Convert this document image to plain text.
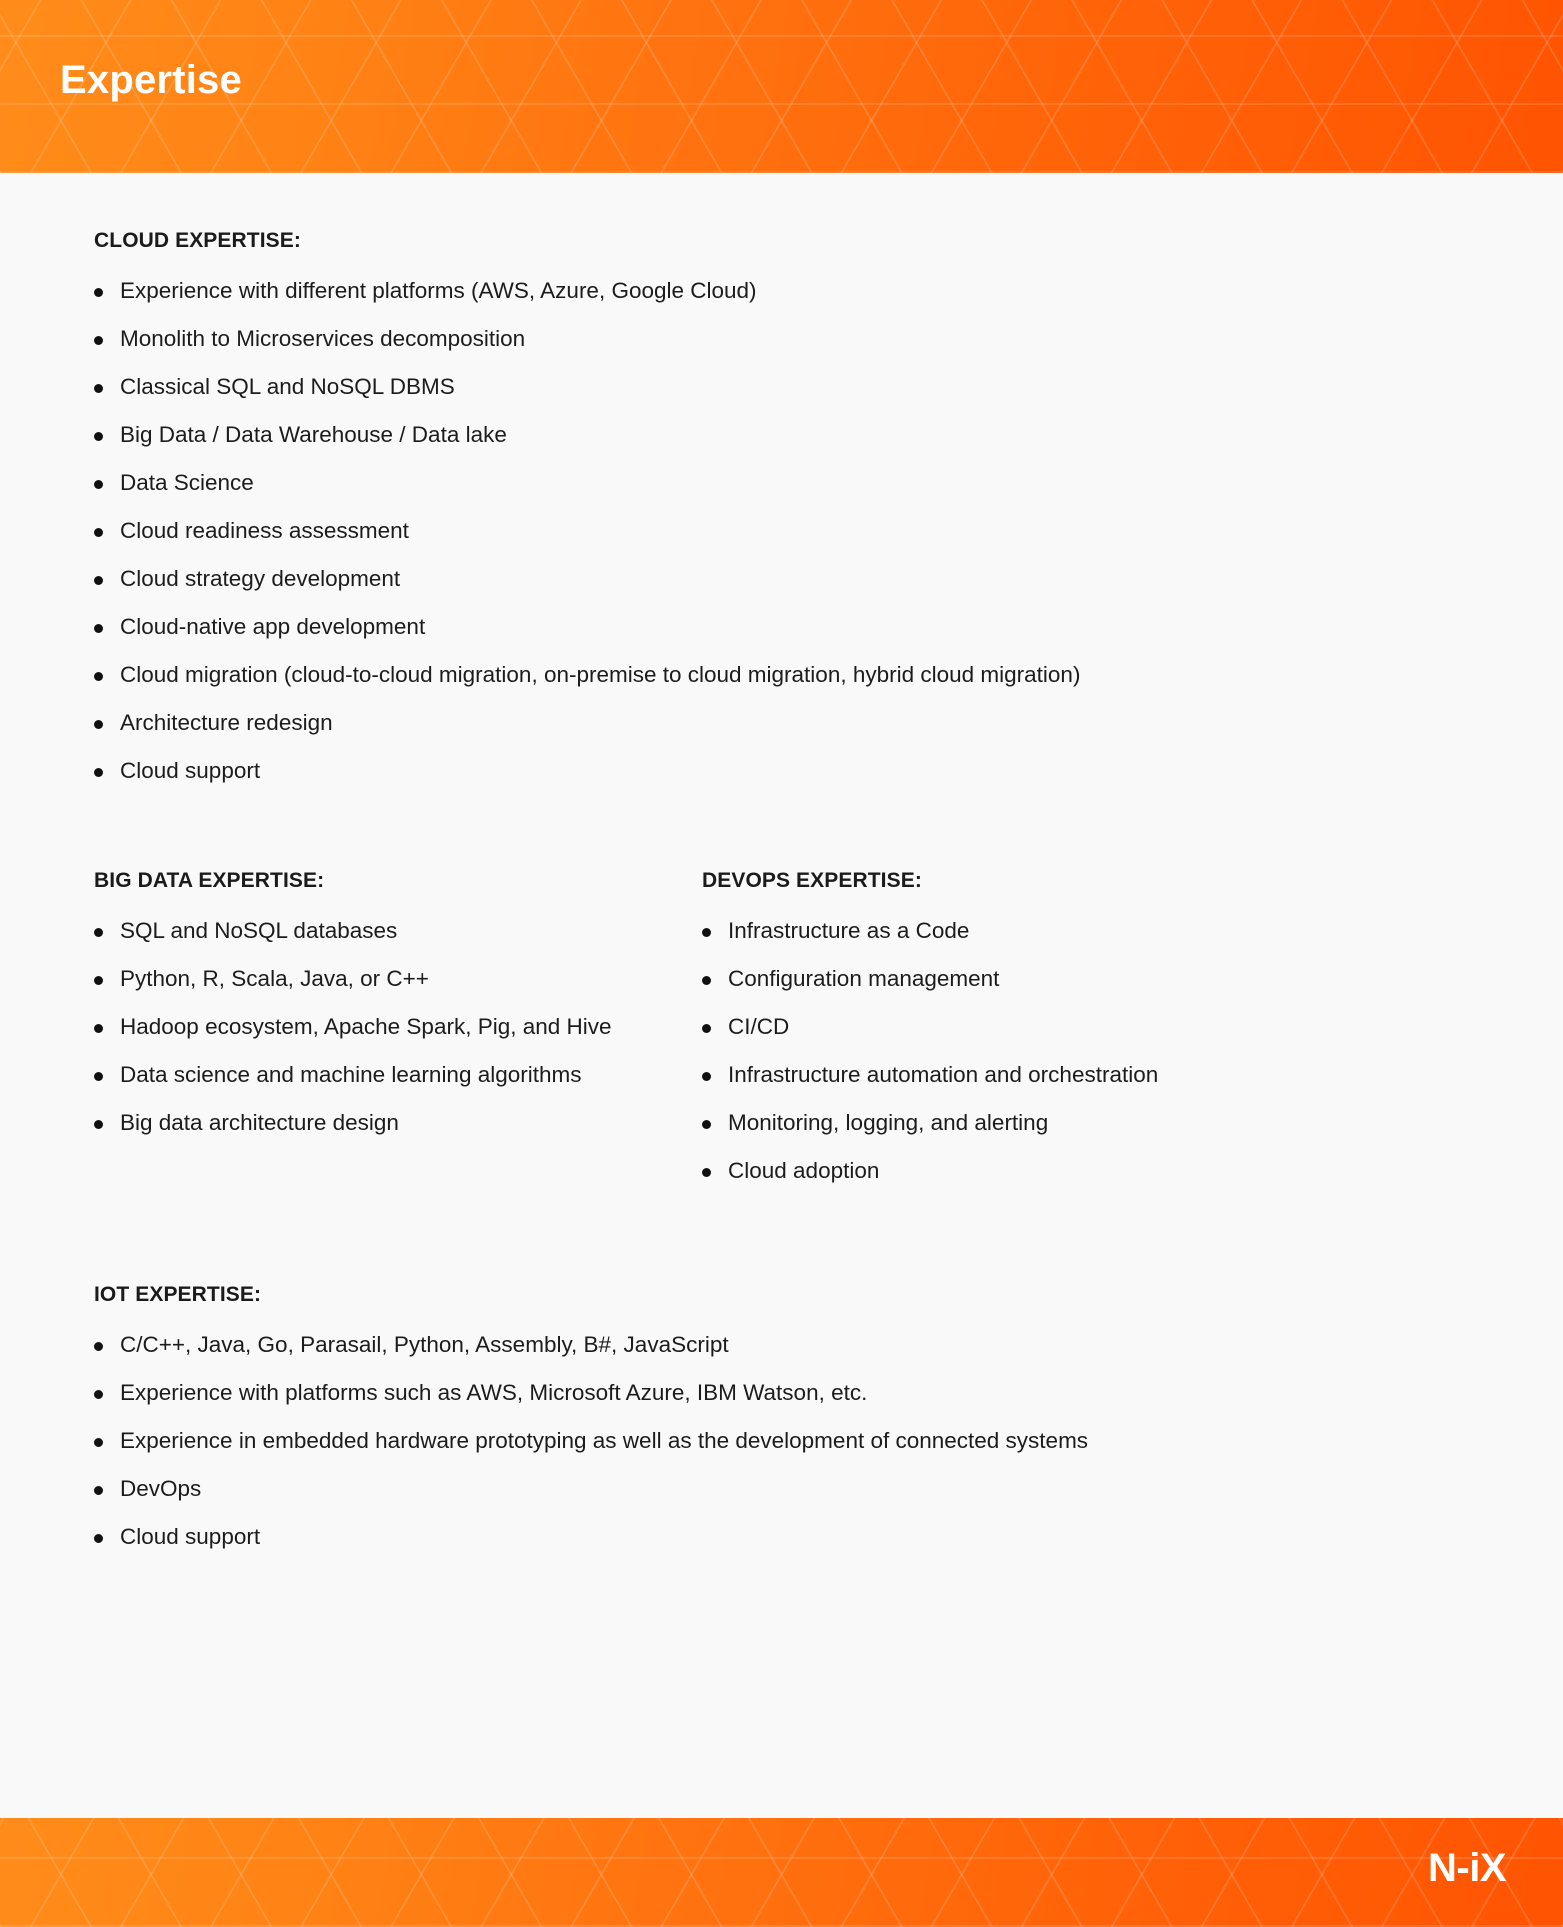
Expertise
CLOUD EXPERTISE:
Experience with different platforms (AWS, Azure, Google Cloud)
Monolith to Microservices decomposition
Classical SQL and NoSQL DBMS
Big Data / Data Warehouse / Data lake
Data Science
Cloud readiness assessment
Cloud strategy development
Cloud-native app development
Cloud migration (cloud-to-cloud migration, on-premise to cloud migration, hybrid cloud migration)
Architecture redesign
Cloud support
BIG DATA EXPERTISE:
SQL and NoSQL databases
Python, R, Scala, Java, or C++
Hadoop ecosystem, Apache Spark, Pig, and Hive
Data science and machine learning algorithms
Big data architecture design
DEVOPS EXPERTISE:
Infrastructure as a Code
Configuration management
CI/CD
Infrastructure automation and orchestration
Monitoring, logging, and alerting
Cloud adoption
IOT EXPERTISE:
C/C++, Java, Go, Parasail, Python, Assembly, B#, JavaScript
Experience with platforms such as AWS, Microsoft Azure, IBM Watson, etc.
Experience in embedded hardware prototyping as well as the development of connected systems
DevOps
Cloud support
N-iX
